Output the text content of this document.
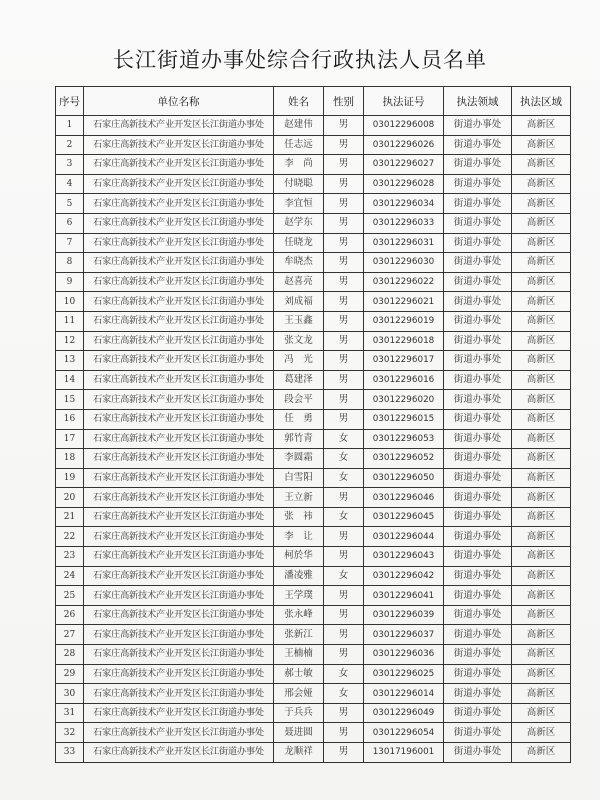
长江街道办事处综合行政执法人员名单
序号	单位名称	姓名	性别	执法证号	执法领域	执法区域
1	石家庄高新技术产业开发区长江街道办事处	赵建伟	男	03012296008	街道办事处	高新区
2	石家庄高新技术产业开发区长江街道办事处	任志远	男	03012296026	街道办事处	高新区
3	石家庄高新技术产业开发区长江街道办事处	李　尚	男	03012296027	街道办事处	高新区
4	石家庄高新技术产业开发区长江街道办事处	付晓聪	男	03012296028	街道办事处	高新区
5	石家庄高新技术产业开发区长江街道办事处	李宜恒	男	03012296034	街道办事处	高新区
6	石家庄高新技术产业开发区长江街道办事处	赵学东	男	03012296033	街道办事处	高新区
7	石家庄高新技术产业开发区长江街道办事处	任晓龙	男	03012296031	街道办事处	高新区
8	石家庄高新技术产业开发区长江街道办事处	牟晓杰	男	03012296030	街道办事处	高新区
9	石家庄高新技术产业开发区长江街道办事处	赵喜亮	男	03012296022	街道办事处	高新区
10	石家庄高新技术产业开发区长江街道办事处	刘成福	男	03012296021	街道办事处	高新区
11	石家庄高新技术产业开发区长江街道办事处	王玉鑫	男	03012296019	街道办事处	高新区
12	石家庄高新技术产业开发区长江街道办事处	张文龙	男	03012296018	街道办事处	高新区
13	石家庄高新技术产业开发区长江街道办事处	冯　光	男	03012296017	街道办事处	高新区
14	石家庄高新技术产业开发区长江街道办事处	葛建泽	男	03012296016	街道办事处	高新区
15	石家庄高新技术产业开发区长江街道办事处	段会平	男	03012296020	街道办事处	高新区
16	石家庄高新技术产业开发区长江街道办事处	任　勇	男	03012296015	街道办事处	高新区
17	石家庄高新技术产业开发区长江街道办事处	郭竹青	女	03012296053	街道办事处	高新区
18	石家庄高新技术产业开发区长江街道办事处	李圆霜	女	03012296052	街道办事处	高新区
19	石家庄高新技术产业开发区长江街道办事处	白雪阳	女	03012296050	街道办事处	高新区
20	石家庄高新技术产业开发区长江街道办事处	王立新	男	03012296046	街道办事处	高新区
21	石家庄高新技术产业开发区长江街道办事处	张　祎	女	03012296045	街道办事处	高新区
22	石家庄高新技术产业开发区长江街道办事处	李　让	男	03012296044	街道办事处	高新区
23	石家庄高新技术产业开发区长江街道办事处	柯於华	男	03012296043	街道办事处	高新区
24	石家庄高新技术产业开发区长江街道办事处	潘凌雅	女	03012296042	街道办事处	高新区
25	石家庄高新技术产业开发区长江街道办事处	王学璞	男	03012296041	街道办事处	高新区
26	石家庄高新技术产业开发区长江街道办事处	张永峰	男	03012296039	街道办事处	高新区
27	石家庄高新技术产业开发区长江街道办事处	张新江	男	03012296037	街道办事处	高新区
28	石家庄高新技术产业开发区长江街道办事处	王楠楠	男	03012296036	街道办事处	高新区
29	石家庄高新技术产业开发区长江街道办事处	郝士敏	女	03012296025	街道办事处	高新区
30	石家庄高新技术产业开发区长江街道办事处	邢会娅	女	03012296014	街道办事处	高新区
31	石家庄高新技术产业开发区长江街道办事处	于兵兵	男	03012296049	街道办事处	高新区
32	石家庄高新技术产业开发区长江街道办事处	聂进圆	男	03012296054	街道办事处	高新区
33	石家庄高新技术产业开发区长江街道办事处	龙顺祥	男	13017196001	街道办事处	高新区
